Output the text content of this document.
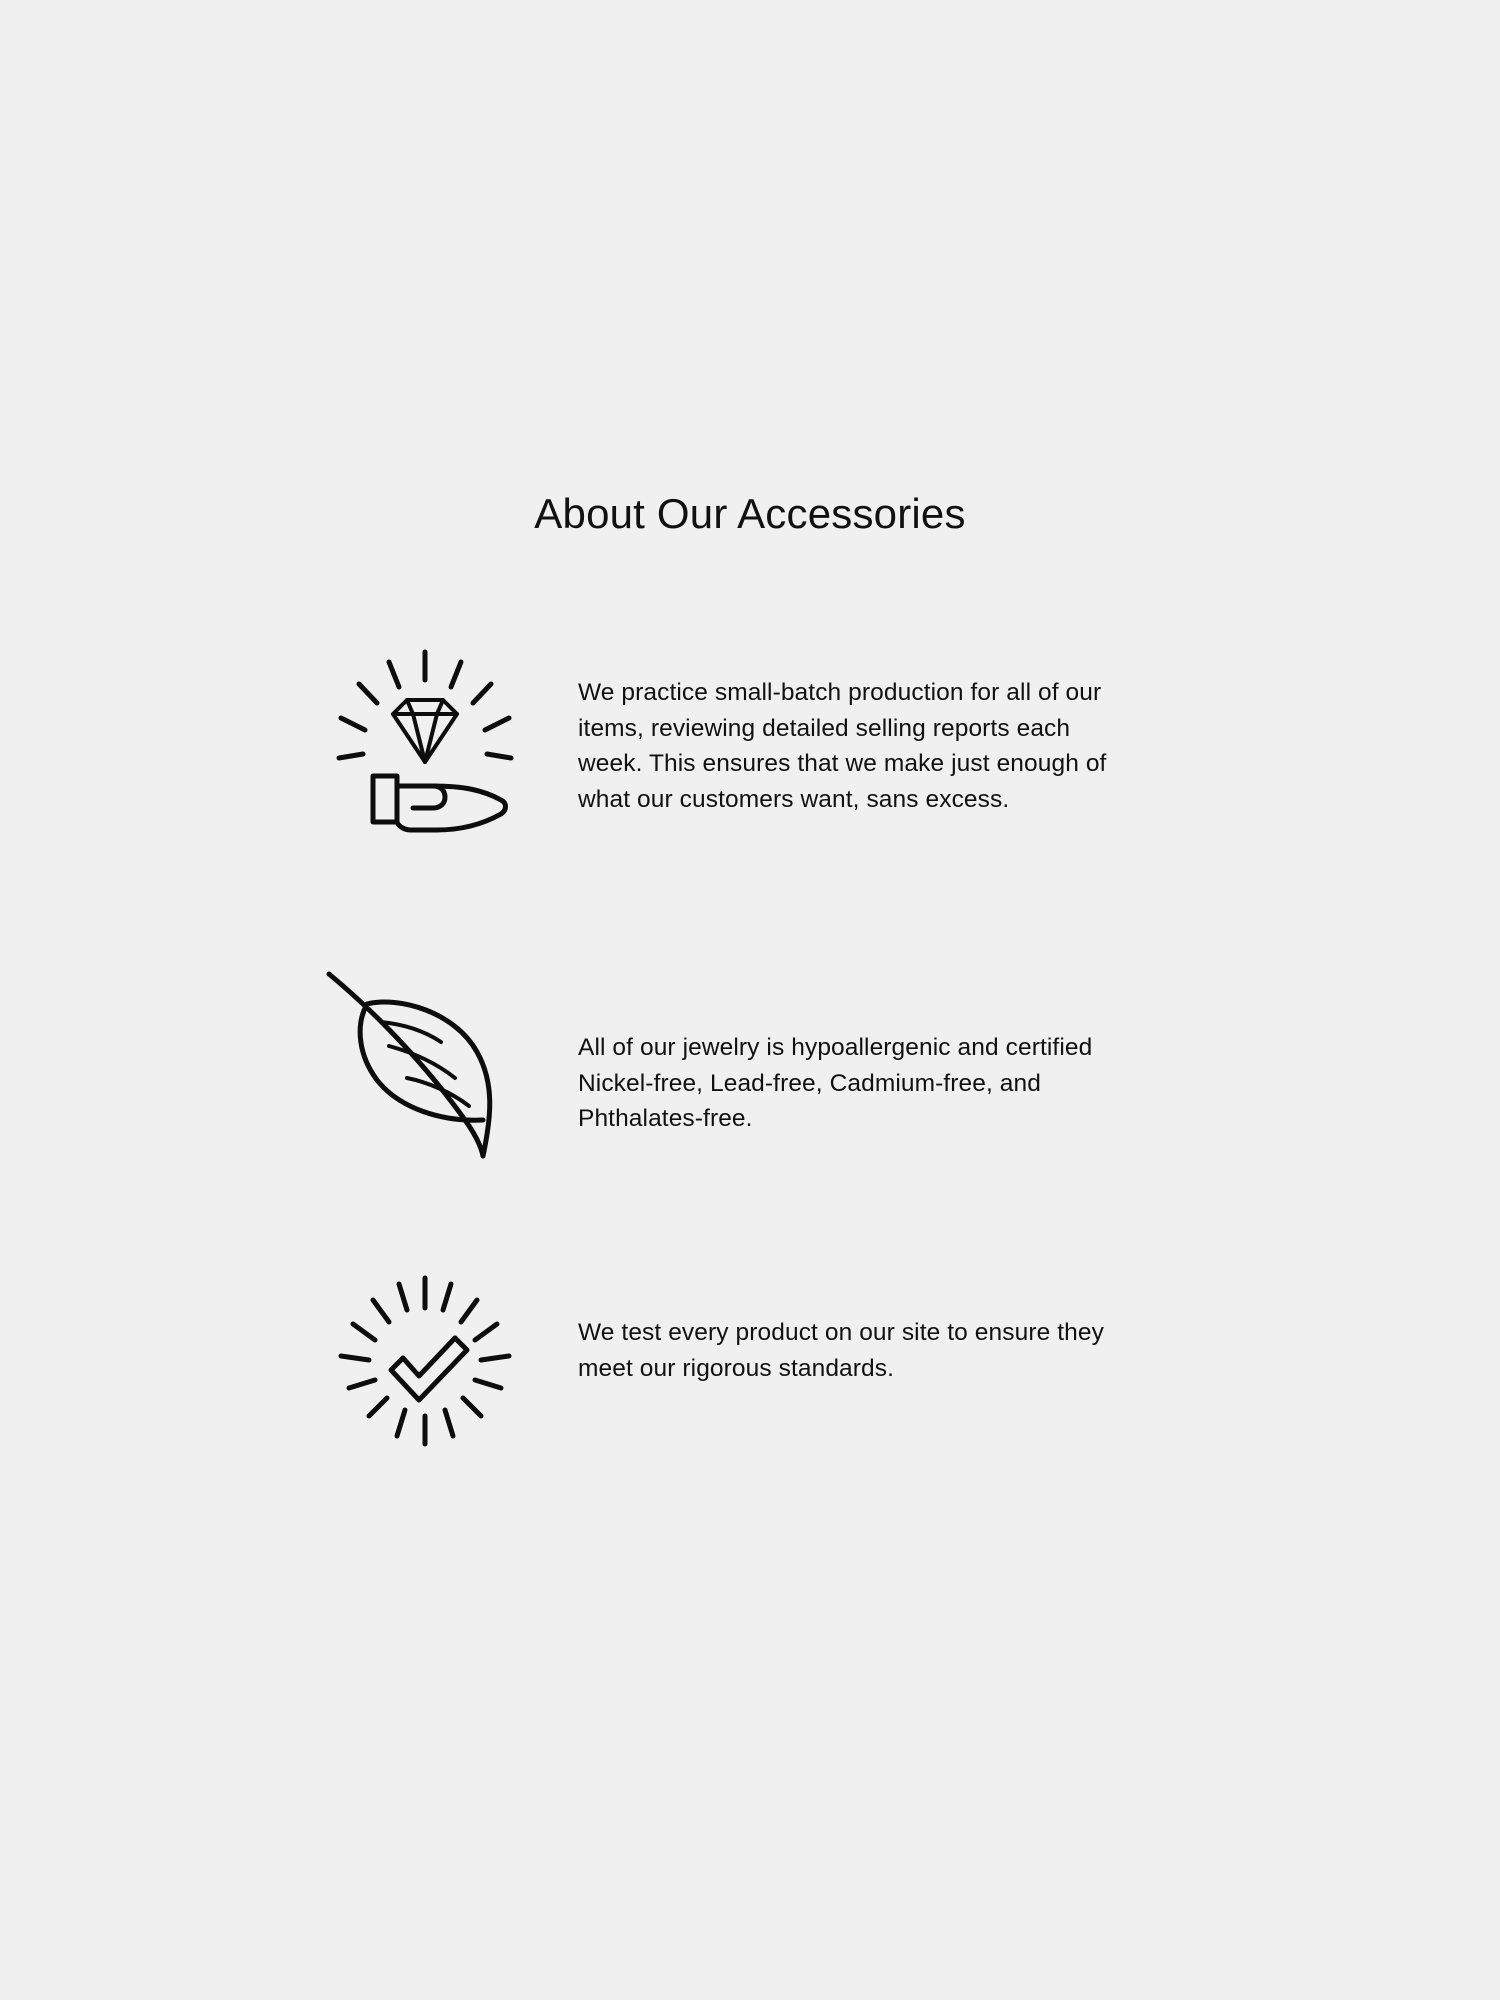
About Our Accessories
We practice small-batch production for all of our items, reviewing detailed selling reports each week. This ensures that we make just enough of what our customers want, sans excess.
All of our jewelry is hypoallergenic and certified Nickel-free, Lead-free, Cadmium-free, and Phthalates-free.
We test every product on our site to ensure they meet our rigorous standards.
